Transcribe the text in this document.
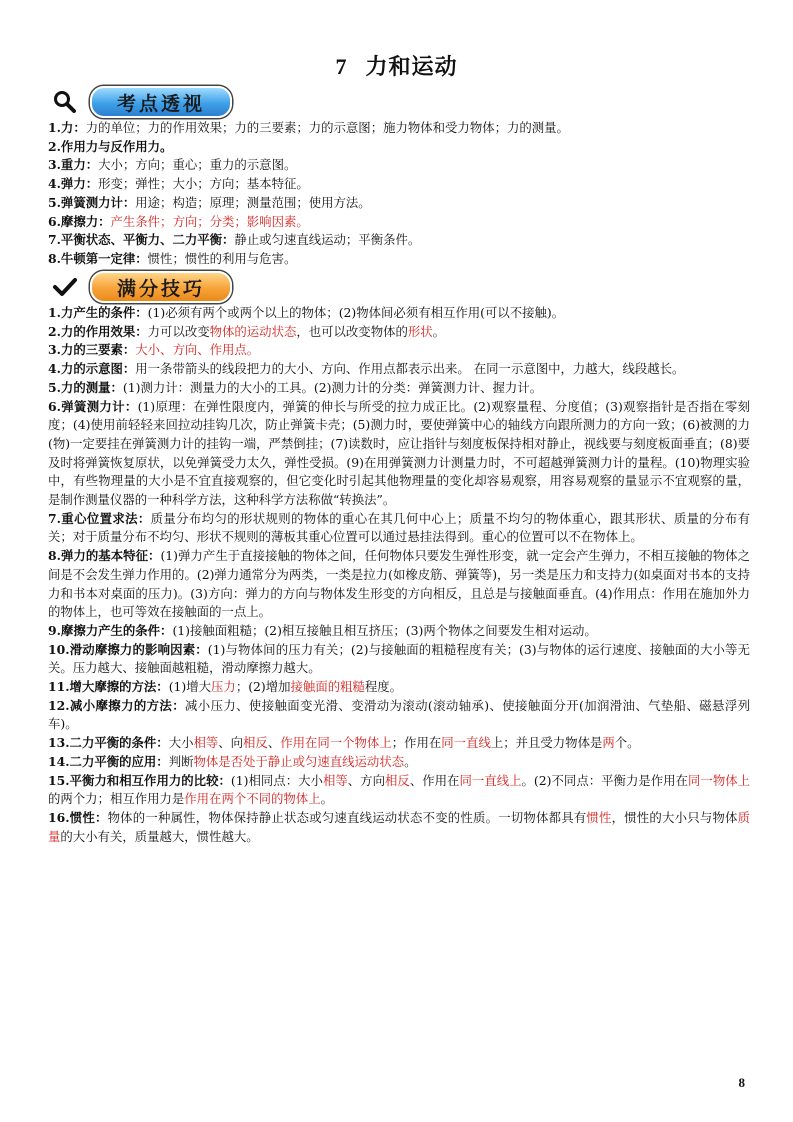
7 力和运动
考点透视

1.力：力的单位；力的作用效果；力的三要素；力的示意图；施力物体和受力物体；力的测量。

2.作用力与反作用力。

3.重力：大小；方向；重心；重力的示意图。

4.弹力：形变；弹性；大小；方向；基本特征。

5.弹簧测力计：用途；构造；原理；测量范围；使用方法。

6.摩擦力：产生条件；方向；分类；影响因素。

7.平衡状态、平衡力、二力平衡：静止或匀速直线运动；平衡条件。

8.牛顿第一定律：惯性；惯性的利用与危害。

满分技巧

1.力产生的条件：(1)必须有两个或两个以上的物体；(2)物体间必须有相互作用(可以不接触)。

2.力的作用效果：力可以改变物体的运动状态，也可以改变物体的形状。

3.力的三要素：大小、方向、作用点。

4.力的示意图：用一条带箭头的线段把力的大小、方向、作用点都表示出来。 在同一示意图中，力越大，线段越长。

5.力的测量：(1)测力计：测量力的大小的工具。(2)测力计的分类：弹簧测力计、握力计。

6.弹簧测力计：(1)原理：在弹性限度内，弹簧的伸长与所受的拉力成正比。(2)观察量程、分度值；(3)观察指针是否指在零刻度；(4)使用前轻轻来回拉动挂钩几次，防止弹簧卡壳；(5)测力时，要使弹簧中心的轴线方向跟所测力的方向一致；(6)被测的力(物)一定要挂在弹簧测力计的挂钩一端，严禁倒挂；(7)读数时，应让指针与刻度板保持相对静止，视线要与刻度板面垂直；(8)要及时将弹簧恢复原状，以免弹簧受力太久，弹性受损。(9)在用弹簧测力计测量力时，不可超越弹簧测力计的量程。(10)物理实验中，有些物理量的大小是不宜直接观察的，但它变化时引起其他物理量的变化却容易观察，用容易观察的量显示不宜观察的量，是制作测量仪器的一种科学方法，这种科学方法称做“转换法”。

7.重心位置求法：质量分布均匀的形状规则的物体的重心在其几何中心上；质量不均匀的物体重心，跟其形状、质量的分布有关；对于质量分布不均匀、形状不规则的薄板其重心位置可以通过悬挂法得到。重心的位置可以不在物体上。

8.弹力的基本特征：(1)弹力产生于直接接触的物体之间，任何物体只要发生弹性形变，就一定会产生弹力，不相互接触的物体之间是不会发生弹力作用的。(2)弹力通常分为两类，一类是拉力(如橡皮筋、弹簧等)，另一类是压力和支持力(如桌面对书本的支持力和书本对桌面的压力)。(3)方向：弹力的方向与物体发生形变的方向相反，且总是与接触面垂直。(4)作用点：作用在施加外力的物体上，也可等效在接触面的一点上。

9.摩擦力产生的条件：(1)接触面粗糙；(2)相互接触且相互挤压；(3)两个物体之间要发生相对运动。

10.滑动摩擦力的影响因素：(1)与物体间的压力有关；(2)与接触面的粗糙程度有关；(3)与物体的运行速度、接触面的大小等无关。压力越大、接触面越粗糙，滑动摩擦力越大。

11.增大摩擦的方法：(1)增大压力；(2)增加接触面的粗糙程度。

12.减小摩擦力的方法：减小压力、使接触面变光滑、变滑动为滚动(滚动轴承)、使接触面分开(加润滑油、气垫船、磁悬浮列车)。

13.二力平衡的条件：大小相等、向相反、作用在同一个物体上；作用在同一直线上；并且受力物体是两个。

14.二力平衡的应用：判断物体是否处于静止或匀速直线运动状态。

15.平衡力和相互作用力的比较：(1)相同点：大小相等、方向相反、作用在同一直线上。(2)不同点：平衡力是作用在同一物体上的两个力；相互作用力是作用在两个不同的物体上。

16.惯性：物体的一种属性，物体保持静止状态或匀速直线运动状态不变的性质。一切物体都具有惯性，惯性的大小只与物体质量的大小有关，质量越大，惯性越大。

8
